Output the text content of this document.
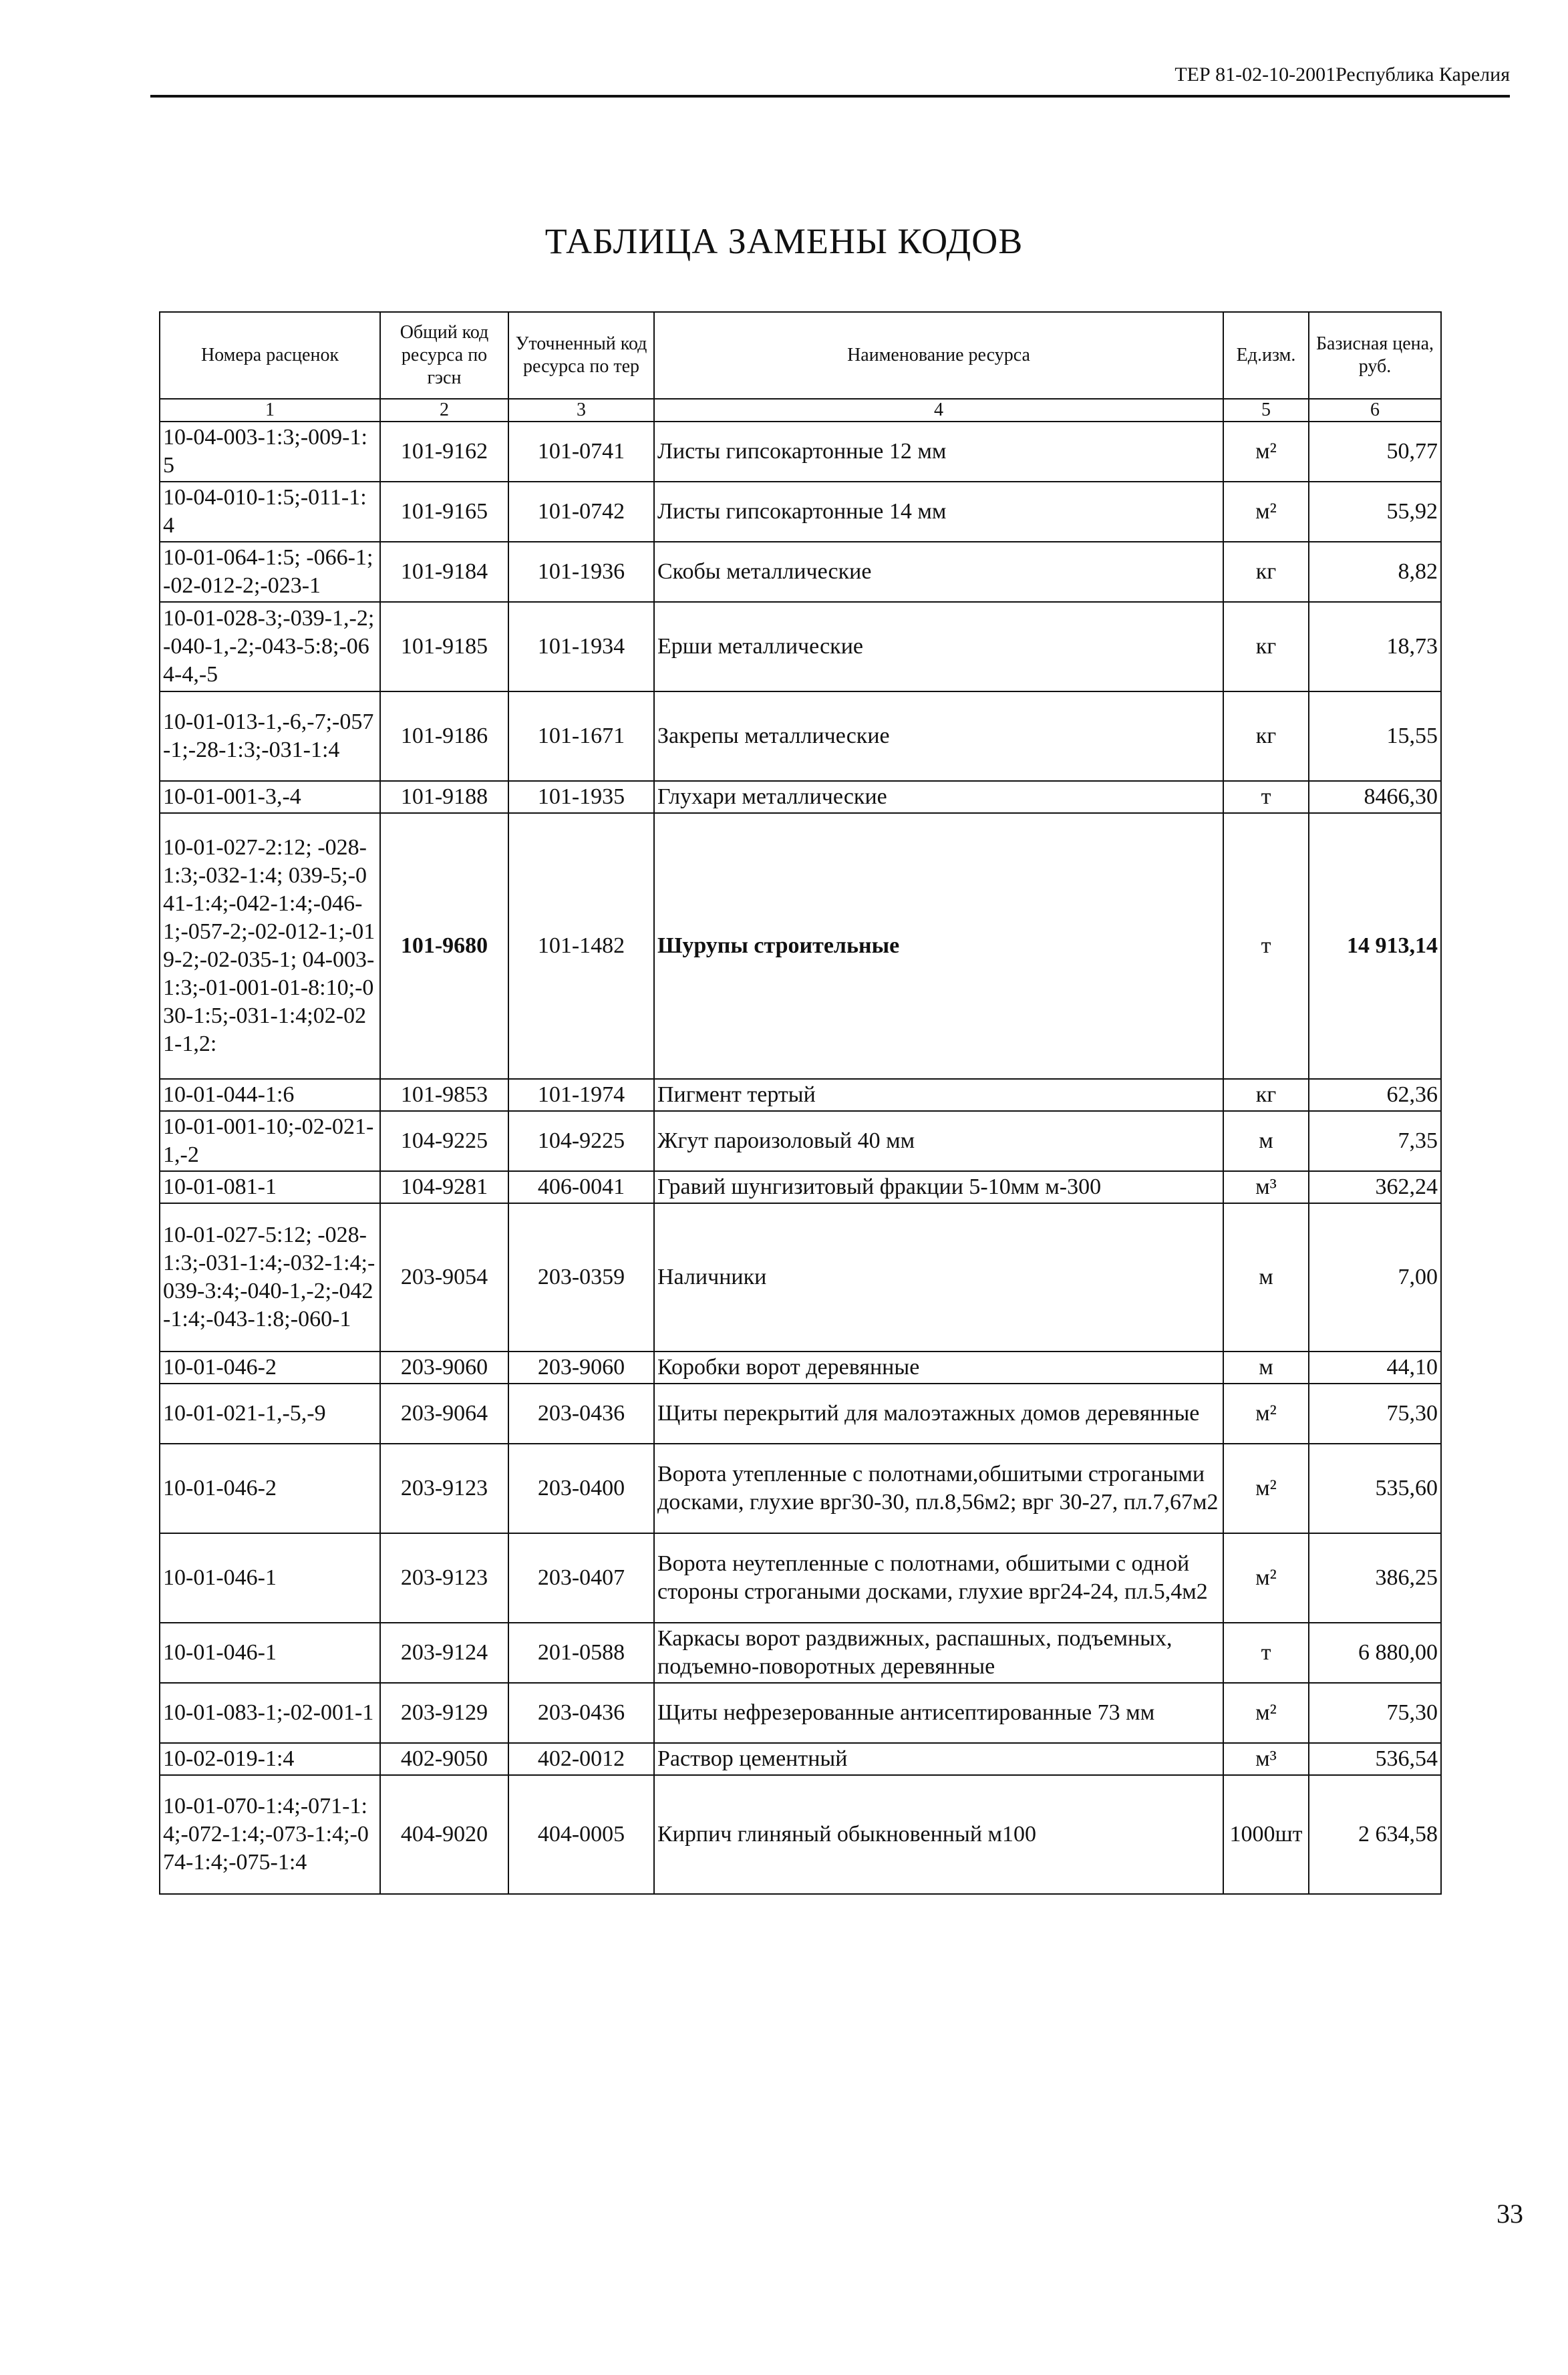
ТЕР 81-02-10-2001Республика Карелия
ТАБЛИЦА ЗАМЕНЫ КОДОВ
Номера расценок	Общий код ресурса по гэсн	Уточненный код ресурса по тер	Наименование ресурса	Ед.изм.	Базисная цена, руб.
1	2	3	4	5	6
10-04-003-1:3;-009-1:5	101-9162	101-0741	Листы гипсокартонные 12 мм	м²	50,77
10-04-010-1:5;-011-1:4	101-9165	101-0742	Листы гипсокартонные 14 мм	м²	55,92
10-01-064-1:5; -066-1;-02-012-2;-023-1	101-9184	101-1936	Скобы металлические	кг	8,82
10-01-028-3;-039-1,-2;-040-1,-2;-043-5:8;-064-4,-5	101-9185	101-1934	Ерши металлические	кг	18,73
10-01-013-1,-6,-7;-057-1;-28-1:3;-031-1:4	101-9186	101-1671	Закрепы металлические	кг	15,55
10-01-001-3,-4	101-9188	101-1935	Глухари металлические	т	8466,30
10-01-027-2:12; -028-1:3;-032-1:4; 039-5;-041-1:4;-042-1:4;-046-1;-057-2;-02-012-1;-019-2;-02-035-1; 04-003-1:3;-01-001-01-8:10;-030-1:5;-031-1:4;02-021-1,2:	101-9680	101-1482	Шурупы строительные	т	14 913,14
10-01-044-1:6	101-9853	101-1974	Пигмент тертый	кг	62,36
10-01-001-10;-02-021-1,-2	104-9225	104-9225	Жгут пароизоловый 40 мм	м	7,35
10-01-081-1	104-9281	406-0041	Гравий шунгизитовый фракции 5-10мм м-300	м³	362,24
10-01-027-5:12; -028-1:3;-031-1:4;-032-1:4;-039-3:4;-040-1,-2;-042-1:4;-043-1:8;-060-1	203-9054	203-0359	Наличники	м	7,00
10-01-046-2	203-9060	203-9060	Коробки ворот деревянные	м	44,10
10-01-021-1,-5,-9	203-9064	203-0436	Щиты перекрытий для малоэтажных домов деревянные	м²	75,30
10-01-046-2	203-9123	203-0400	Ворота утепленные с полотнами,обшитыми строгаными досками, глухие врг30-30, пл.8,56м2; врг 30-27, пл.7,67м2	м²	535,60
10-01-046-1	203-9123	203-0407	Ворота неутепленные с полотнами, обшитыми с одной стороны строгаными досками, глухие врг24-24, пл.5,4м2	м²	386,25
10-01-046-1	203-9124	201-0588	Каркасы ворот раздвижных, распашных, подъемных, подъемно-поворотных деревянные	т	6 880,00
10-01-083-1;-02-001-1	203-9129	203-0436	Щиты нефрезерованные антисептированные 73 мм	м²	75,30
10-02-019-1:4	402-9050	402-0012	Раствор цементный	м³	536,54
10-01-070-1:4;-071-1:4;-072-1:4;-073-1:4;-074-1:4;-075-1:4	404-9020	404-0005	Кирпич глиняный обыкновенный м100	1000шт	2 634,58
33
